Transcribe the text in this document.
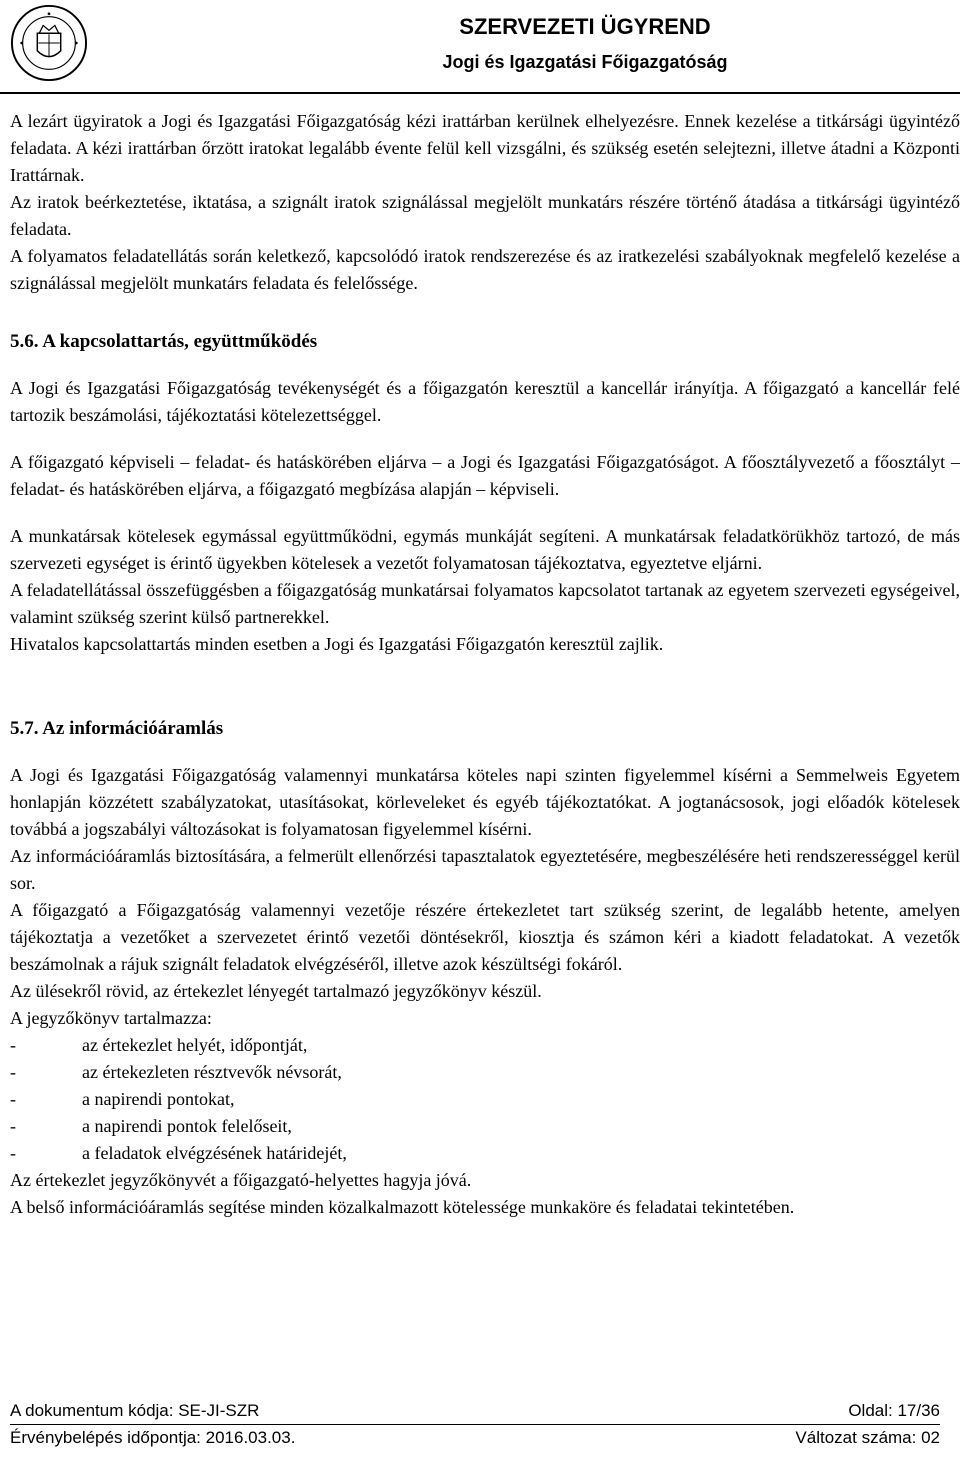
SZERVEZETI ÜGYREND
Jogi és Igazgatási Főigazgatóság

A lezárt ügyiratok a Jogi és Igazgatási Főigazgatóság kézi irattárban kerülnek elhelyezésre. Ennek kezelése a titkársági ügyintéző feladata. A kézi irattárban őrzött iratokat legalább évente felül kell vizsgálni, és szükség esetén selejtezni, illetve átadni a Központi Irattárnak.

Az iratok beérkeztetése, iktatása, a szignált iratok szignálással megjelölt munkatárs részére történő átadása a titkársági ügyintéző feladata.

A folyamatos feladatellátás során keletkező, kapcsolódó iratok rendszerezése és az iratkezelési szabályoknak megfelelő kezelése a szignálással megjelölt munkatárs feladata és felelőssége.

5.6. A kapcsolattartás, együttműködés

A Jogi és Igazgatási Főigazgatóság tevékenységét és a főigazgatón keresztül a kancellár irányítja. A főigazgató a kancellár felé tartozik beszámolási, tájékoztatási kötelezettséggel.

A főigazgató képviseli – feladat- és hatáskörében eljárva – a Jogi és Igazgatási Főigazgatóságot. A főosztályvezető a főosztályt – feladat- és hatáskörében eljárva, a főigazgató megbízása alapján – képviseli.

A munkatársak kötelesek egymással együttműködni, egymás munkáját segíteni. A munkatársak feladatkörükhöz tartozó, de más szervezeti egységet is érintő ügyekben kötelesek a vezetőt folyamatosan tájékoztatva, egyeztetve eljárni.

A feladatellátással összefüggésben a főigazgatóság munkatársai folyamatos kapcsolatot tartanak az egyetem szervezeti egységeivel, valamint szükség szerint külső partnerekkel.

Hivatalos kapcsolattartás minden esetben a Jogi és Igazgatási Főigazgatón keresztül zajlik.

5.7. Az információáramlás

A Jogi és Igazgatási Főigazgatóság valamennyi munkatársa köteles napi szinten figyelemmel kísérni a Semmelweis Egyetem honlapján közzétett szabályzatokat, utasításokat, körleveleket és egyéb tájékoztatókat. A jogtanácsosok, jogi előadók kötelesek továbbá a jogszabályi változásokat is folyamatosan figyelemmel kísérni.

Az információáramlás biztosítására, a felmerült ellenőrzési tapasztalatok egyeztetésére, megbeszélésére heti rendszerességgel kerül sor.

A főigazgató a Főigazgatóság valamennyi vezetője részére értekezletet tart szükség szerint, de legalább hetente, amelyen tájékoztatja a vezetőket a szervezetet érintő vezetői döntésekről, kiosztja és számon kéri a kiadott feladatokat. A vezetők beszámolnak a rájuk szignált feladatok elvégzéséről, illetve azok készültségi fokáról.

Az ülésekről rövid, az értekezlet lényegét tartalmazó jegyzőkönyv készül.

A jegyzőkönyv tartalmazza:

-	az értekezlet helyét, időpontját,
-	az értekezleten résztvevők névsorát,
-	a napirendi pontokat,
-	a napirendi pontok felelőseit,
-	a feladatok elvégzésének határidejét,

Az értekezlet jegyzőkönyvét a főigazgató-helyettes hagyja jóvá.

A belső információáramlás segítése minden közalkalmazott kötelessége munkaköre és feladatai tekintetében.

A dokumentum kódja: SE-JI-SZR	Oldal: 17/36
Érvénybelépés időpontja: 2016.03.03.	Változat száma: 02
